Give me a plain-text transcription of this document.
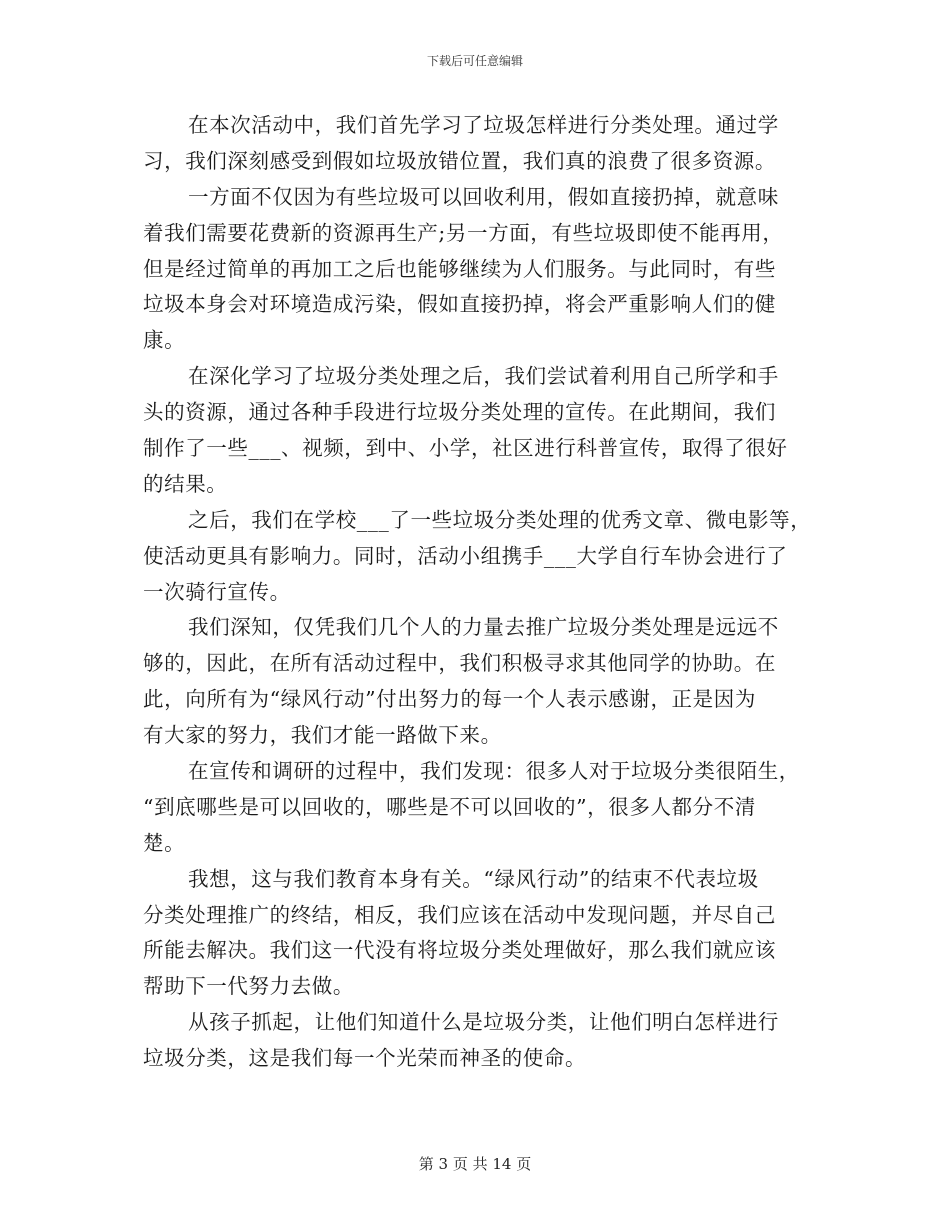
下载后可任意编辑
在本次活动中，我们首先学习了垃圾怎样进行分类处理。通过学
习，我们深刻感受到假如垃圾放错位置，我们真的浪费了很多资源。
一方面不仅因为有些垃圾可以回收利用，假如直接扔掉，就意味
着我们需要花费新的资源再生产;另一方面，有些垃圾即使不能再用，
但是经过简单的再加工之后也能够继续为人们服务。与此同时，有些
垃圾本身会对环境造成污染，假如直接扔掉，将会严重影响人们的健
康。
在深化学习了垃圾分类处理之后，我们尝试着利用自己所学和手
头的资源，通过各种手段进行垃圾分类处理的宣传。在此期间，我们
制作了一些___、视频，到中、小学，社区进行科普宣传，取得了很好
的结果。
之后，我们在学校___了一些垃圾分类处理的优秀文章、微电影等，
使活动更具有影响力。同时，活动小组携手___大学自行车协会进行了
一次骑行宣传。
我们深知，仅凭我们几个人的力量去推广垃圾分类处理是远远不
够的，因此，在所有活动过程中，我们积极寻求其他同学的协助。在
此，向所有为“绿风行动”付出努力的每一个人表示感谢，正是因为
有大家的努力，我们才能一路做下来。
在宣传和调研的过程中，我们发现：很多人对于垃圾分类很陌生，
“到底哪些是可以回收的，哪些是不可以回收的”，很多人都分不清
楚。
我想，这与我们教育本身有关。“绿风行动”的结束不代表垃圾
分类处理推广的终结，相反，我们应该在活动中发现问题，并尽自己
所能去解决。我们这一代没有将垃圾分类处理做好，那么我们就应该
帮助下一代努力去做。
从孩子抓起，让他们知道什么是垃圾分类，让他们明白怎样进行
垃圾分类，这是我们每一个光荣而神圣的使命。
第 3 页 共 14 页
